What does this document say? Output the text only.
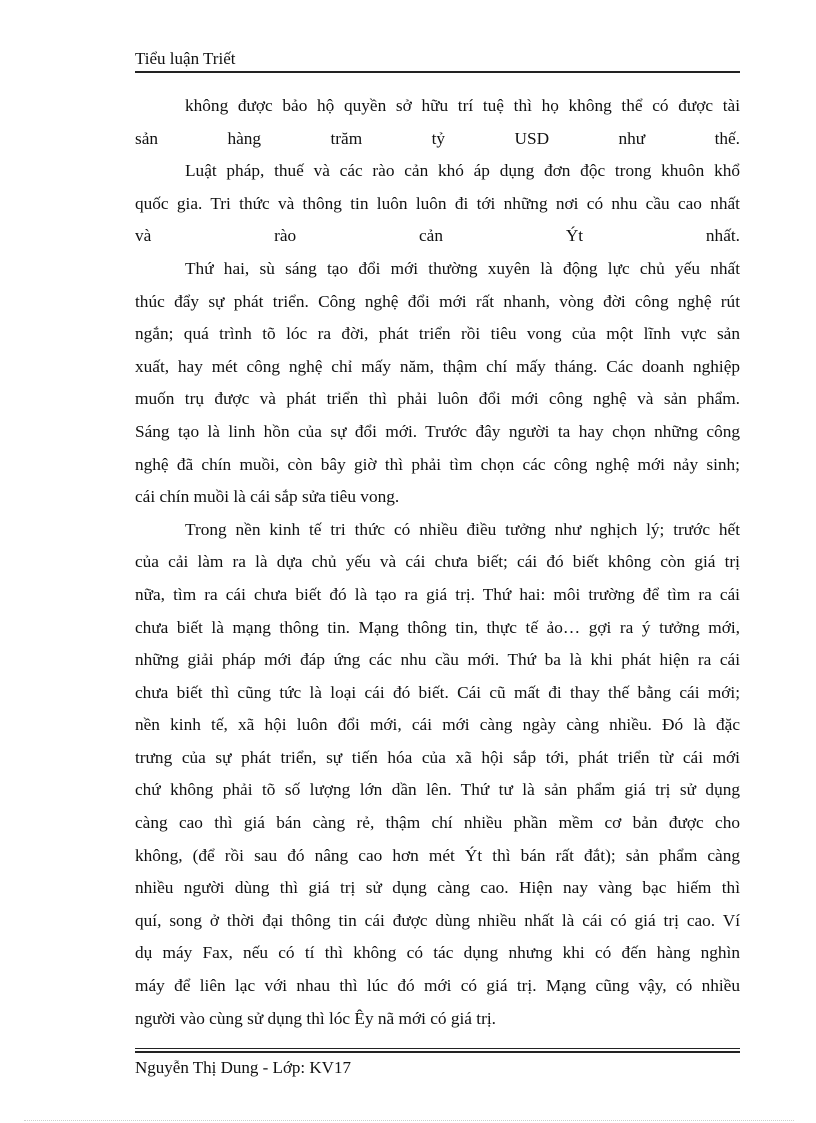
Tiểu luận Triết
không được bảo hộ quyền sở hữu trí tuệ thì họ không thể có được tài
sản hàng trăm tỷ USD như thế.
Luật pháp, thuế và các rào cản khó áp dụng đơn độc trong khuôn khổ
quốc gia. Tri thức và thông tin luôn luôn đi tới những nơi có nhu cầu cao nhất
và rào cản Ýt nhất.
Thứ hai, sù sáng tạo đổi mới thường xuyên là động lực chủ yếu nhất
thúc đẩy sự phát triển. Công nghệ đổi mới rất nhanh, vòng đời công nghệ rút
ngắn; quá trình tõ lóc ra đời, phát triển rồi tiêu vong của một lĩnh vực sản
xuất, hay mét công nghệ chỉ mấy năm, thậm chí mấy tháng. Các doanh nghiệp
muốn trụ được và phát triển thì phải luôn đổi mới công nghệ và sản phẩm.
Sáng tạo là linh hồn của sự đổi mới. Trước đây người ta hay chọn những công
nghệ đã chín muồi, còn bây giờ thì phải tìm chọn các công nghệ mới nảy sinh;
cái chín muồi là cái sắp sửa tiêu vong.
Trong nền kinh tế tri thức có nhiều điều tưởng như nghịch lý; trước hết
của cải làm ra là dựa chủ yếu và cái chưa biết; cái đó biết không còn giá trị
nữa, tìm ra cái chưa biết đó là tạo ra giá trị. Thứ hai: môi trường để tìm ra cái
chưa biết là mạng thông tin. Mạng thông tin, thực tế ảo… gợi ra ý tưởng mới,
những giải pháp mới đáp ứng các nhu cầu mới. Thứ ba là khi phát hiện ra cái
chưa biết thì cũng tức là loại cái đó biết. Cái cũ mất đi thay thế bằng cái mới;
nền kinh tế, xã hội luôn đổi mới, cái mới càng ngày càng nhiều. Đó là đặc
trưng của sự phát triển, sự tiến hóa của xã hội sắp tới, phát triển từ cái mới
chứ không phải tõ số lượng lớn dần lên. Thứ tư là sản phẩm giá trị sử dụng
càng cao thì giá bán càng rẻ, thậm chí nhiều phần mềm cơ bản được cho
không, (để rồi sau đó nâng cao hơn mét Ýt thì bán rất đắt); sản phẩm càng
nhiều người dùng thì giá trị sử dụng càng cao. Hiện nay vàng bạc hiếm thì
quí, song ở thời đại thông tin cái được dùng nhiều nhất là cái có giá trị cao. Ví
dụ máy Fax, nếu có tí thì không có tác dụng nhưng khi có đến hàng nghìn
máy để liên lạc với nhau thì lúc đó mới có giá trị. Mạng cũng vậy, có nhiều
người vào cùng sử dụng thì lóc Êy nã mới có giá trị.
Nguyễn Thị Dung - Lớp: KV17
